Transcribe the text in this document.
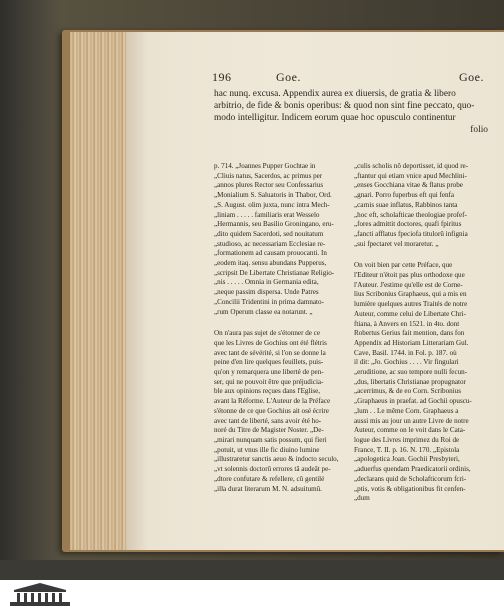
196	Goe.	Goe.
hac nunq. excusa. Appendix aurea ex diuersis, de gratia & libero
arbitrio, de fide & bonis operibus: & quod non sint fine peccato, quo-
modo intelligitur. Indicem eorum quae hoc opusculo continentur
folio
p. 714. „Joannes Pupper Gochtae in
„Cliuis natus, Sacerdos, ac primus per
„annos plures Rector seu Confessarius
„Monialium S. Saluatoris in Thabor, Ord.
„S. August. olim juxta, nunc intra Mech-
„liniam . . . . . familiaris erat Wesselo
„Hermannis, seu Basilio Groningano, eru-
„dito quidem Sacerdoti, sed nouitatum
„studioso, ac necessariam Ecclesiae re-
„formationem ad causam prouocanti. In
„eodem itaq. sensu abundans Pupperus,
„scripsit De Libertate Christianae Religio-
„nis . . . . . Omnia in Germania edita,
„neque passim dispersa. Unde Patres
„Concilii Tridentini in prima damnato-
„rum Operum classe ea notarunt. „
On n'aura pas sujet de s'étonner de ce
que les Livres de Gochius ont été flétris
avec tant de sévérité, si l'on se donne la
peine d'en lire quelques feuillets, puis-
qu'on y remarquera une liberté de pen-
ser, qui ne pouvoit être que préjudicia-
ble aux opinions reçues dans l'Eglise,
avant la Réforme. L'Auteur de la Préface
s'étonne de ce que Gochius ait osé écrire
avec tant de liberté, sans avoir été ho-
noré du Titre de Magister Noster. „De-
„mirari nunquam satis possum, qui fieri
„potuit, ut vnus ille fic diuino lumine
„illustraretur sanctis aeuo & indocto seculo,
„vt solennis doctorû errores tã audeât pe-
„dtore confutare & refellere, cû gentilé
„illa durat literarum M. N. adsuitumû.
„culis scholis nõ deportisset, id quod re-
„ftantur qui etiam vnice apud Mechlini-
„enses Gocchiana vitae & flatus probe
„gnari. Porro fuperbus eft qui fenfa
„carnis suae inflatus, Rabbinos tanta
„hoc eft, scholafticae theologiae profef-
„fores admittit doctores, quafi fpiritus
„fancti afflatus fpeciofa titulorû infignia
„sui fpectaret vel moraretur. „
On voit bien par cette Préface, que
l'Editeur n'étoit pas plus orthodoxe que
l'Auteur. J'estime qu'elle est de Corne-
lius Scribonius Graphaeus, qui a mis en
lumière quelques autres Traités de notre
Auteur, comme celui de Libertate Chri-
ftiana, à Anvers en 1521. in 4to. dont
Robertus Gerius fait mention, dans fon
Appendix ad Historiam Litterariam Gul.
Cave, Basil. 1744. in Fol. p. 187. où
il dit: „Jo. Gochius . . . . Vir fingulari
„eruditione, ac suo tempore nulli fecun-
„dus, libertatis Christianae propugnator
„acerrimus, & de eo Corn. Scribonius
„Graphaeus in praefat. ad Gochii opuscu-
„lum . . Le même Corn. Graphaeus a
aussi mis au jour un autre Livre de notre
Auteur, comme on le voit dans le Cata-
logue des Livres imprimez du Roi de
France, T. II. p. 16. N. 170. „Epistola
„apologetica Joan. Gochii Presbyteri,
„aduerfus quendam Praedicatorii ordinis,
„declarans quid de Scholafticorum fcri-
„ptis, votis & obligationibus fit cenfen-
„dum
